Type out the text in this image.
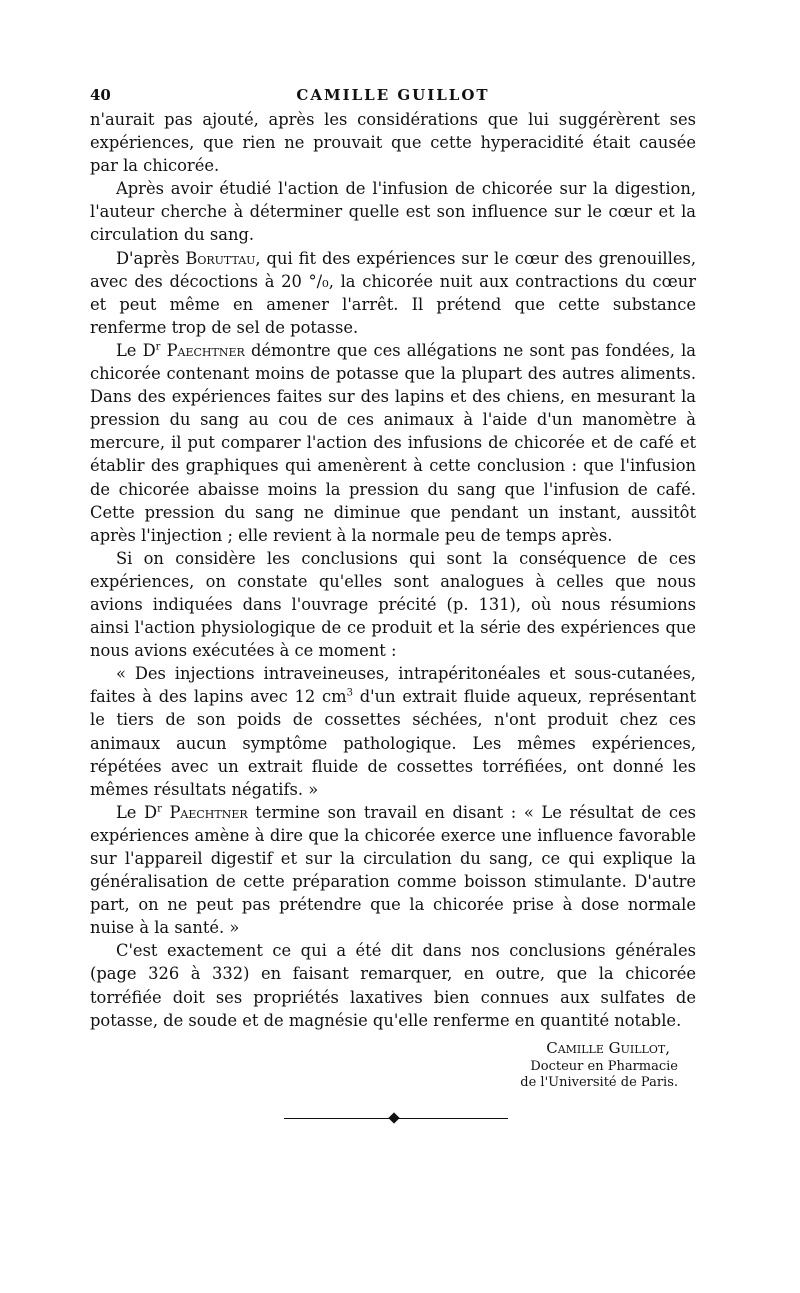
40	CAMILLE GUILLOT

n'aurait pas ajouté, après les considérations que lui suggérèrent ses expériences, que rien ne prouvait que cette hyperacidité était causée par la chicorée.

Après avoir étudié l'action de l'infusion de chicorée sur la digestion, l'auteur cherche à déterminer quelle est son influence sur le cœur et la circulation du sang.

D'après Boruttau, qui fit des expériences sur le cœur des grenouilles, avec des décoctions à 20 °/₀, la chicorée nuit aux contractions du cœur et peut même en amener l'arrêt. Il prétend que cette substance renferme trop de sel de potasse.

Le $D^r$ Paechtner démontre que ces allégations ne sont pas fondées, la chicorée contenant moins de potasse que la plupart des autres aliments. Dans des expériences faites sur des lapins et des chiens, en mesurant la pression du sang au cou de ces animaux à l'aide d'un manomètre à mercure, il put comparer l'action des infusions de chicorée et de café et établir des graphiques qui amenèrent à cette conclusion : que l'infusion de chicorée abaisse moins la pression du sang que l'infusion de café. Cette pression du sang ne diminue que pendant un instant, aussitôt après l'injection ; elle revient à la normale peu de temps après.

Si on considère les conclusions qui sont la conséquence de ces expériences, on constate qu'elles sont analogues à celles que nous avions indiquées dans l'ouvrage précité (p. 131), où nous résumions ainsi l'action physiologique de ce produit et la série des expériences que nous avions exécutées à ce moment :

« Des injections intraveineuses, intrapéritonéales et sous-cutanées, faites à des lapins avec 12 $cm^3$ d'un extrait fluide aqueux, représentant le tiers de son poids de cossettes séchées, n'ont produit chez ces animaux aucun symptôme pathologique. Les mêmes expériences, répétées avec un extrait fluide de cossettes torréfiées, ont donné les mêmes résultats négatifs. »

Le $D^r$ Paechtner termine son travail en disant : « Le résultat de ces expériences amène à dire que la chicorée exerce une influence favorable sur l'appareil digestif et sur la circulation du sang, ce qui explique la généralisation de cette préparation comme boisson stimulante. D'autre part, on ne peut pas prétendre que la chicorée prise à dose normale nuise à la santé. »

C'est exactement ce qui a été dit dans nos conclusions générales (page 326 à 332) en faisant remarquer, en outre, que la chicorée torréfiée doit ses propriétés laxatives bien connues aux sulfates de potasse, de soude et de magnésie qu'elle renferme en quantité notable.

Camille Guillot,
Docteur en Pharmacie
de l'Université de Paris.
